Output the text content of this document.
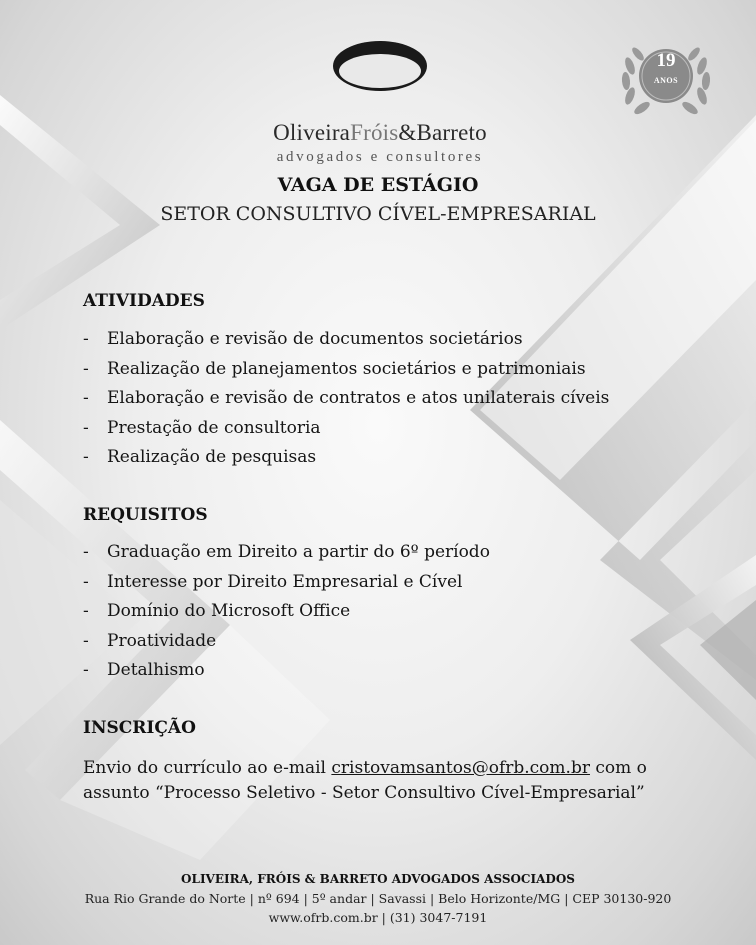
OliveiraFróis&Barreto
advogados e consultores
19
ANOS
VAGA DE ESTÁGIO
SETOR CONSULTIVO CÍVEL-EMPRESARIAL
ATIVIDADES
- Elaboração e revisão de documentos societários
- Realização de planejamentos societários e patrimoniais
- Elaboração e revisão de contratos e atos unilaterais cíveis
- Prestação de consultoria
- Realização de pesquisas
REQUISITOS
- Graduação em Direito a partir do 6º período
- Interesse por Direito Empresarial e Cível
- Domínio do Microsoft Office
- Proatividade
- Detalhismo
INSCRIÇÃO
Envio do currículo ao e-mail cristovamsantos@ofrb.com.br com o assunto “Processo Seletivo - Setor Consultivo Cível-Empresarial”
OLIVEIRA, FRÓIS & BARRETO ADVOGADOS ASSOCIADOS
Rua Rio Grande do Norte | nº 694 | 5º andar | Savassi | Belo Horizonte/MG | CEP 30130-920
www.ofrb.com.br | (31) 3047-7191
